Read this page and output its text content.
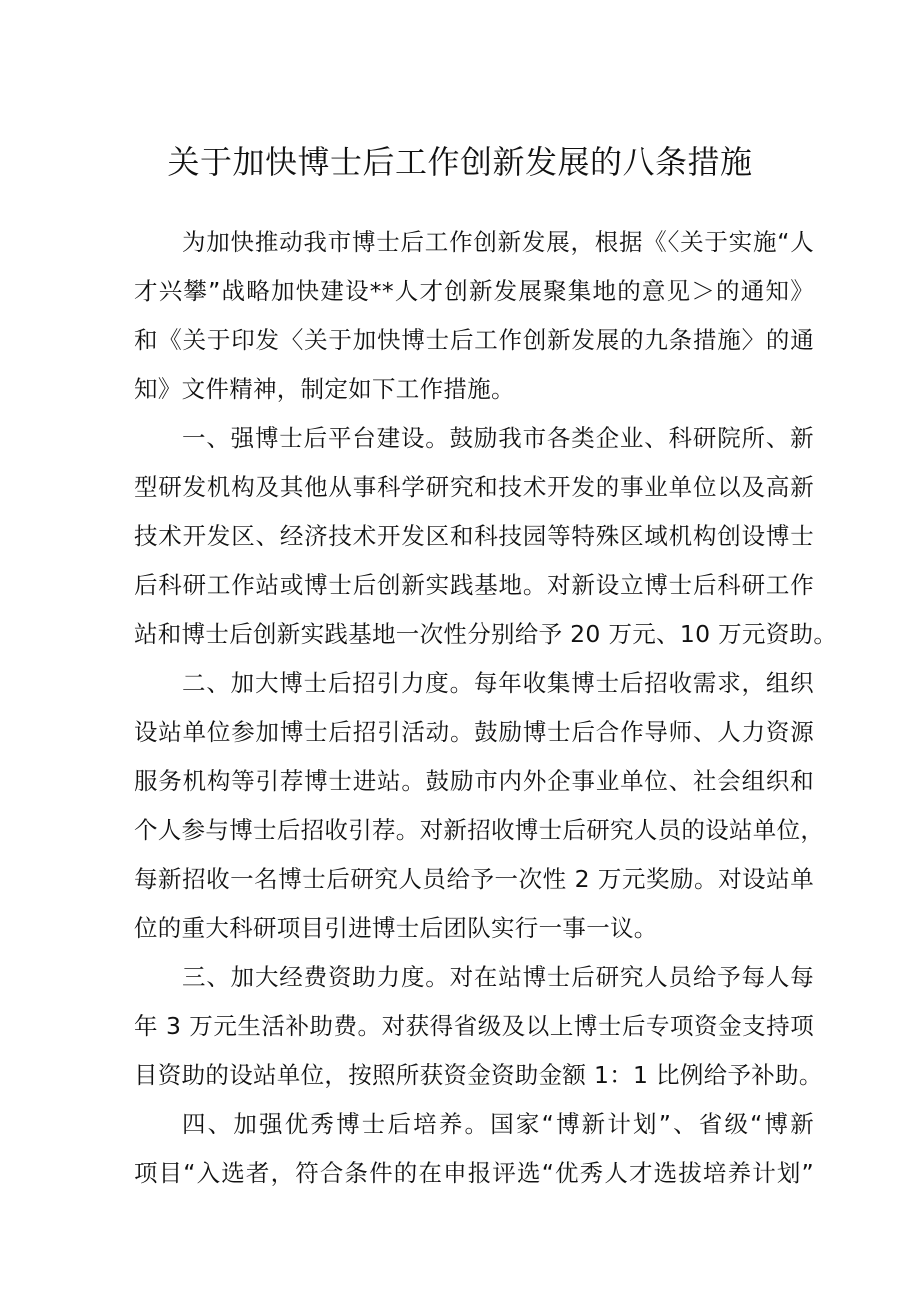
关于加快博士后工作创新发展的八条措施
为加快推动我市博士后工作创新发展，根据《〈关于实施“人
才兴攀”战略加快建设**人才创新发展聚集地的意见＞的通知》
和《关于印发〈关于加快博士后工作创新发展的九条措施〉的通
知》文件精神，制定如下工作措施。
一、强博士后平台建设。鼓励我市各类企业、科研院所、新
型研发机构及其他从事科学研究和技术开发的事业单位以及高新
技术开发区、经济技术开发区和科技园等特殊区域机构创设博士
后科研工作站或博士后创新实践基地。对新设立博士后科研工作
站和博士后创新实践基地一次性分别给予 20 万元、10 万元资助。
二、加大博士后招引力度。每年收集博士后招收需求，组织
设站单位参加博士后招引活动。鼓励博士后合作导师、人力资源
服务机构等引荐博士进站。鼓励市内外企事业单位、社会组织和
个人参与博士后招收引荐。对新招收博士后研究人员的设站单位，
每新招收一名博士后研究人员给予一次性 2 万元奖励。对设站单
位的重大科研项目引进博士后团队实行一事一议。
三、加大经费资助力度。对在站博士后研究人员给予每人每
年 3 万元生活补助费。对获得省级及以上博士后专项资金支持项
目资助的设站单位，按照所获资金资助金额 1：1 比例给予补助。
四、加强优秀博士后培养。国家“博新计划”、省级“博新
项目“入选者，符合条件的在申报评选“优秀人才选拔培养计划”
